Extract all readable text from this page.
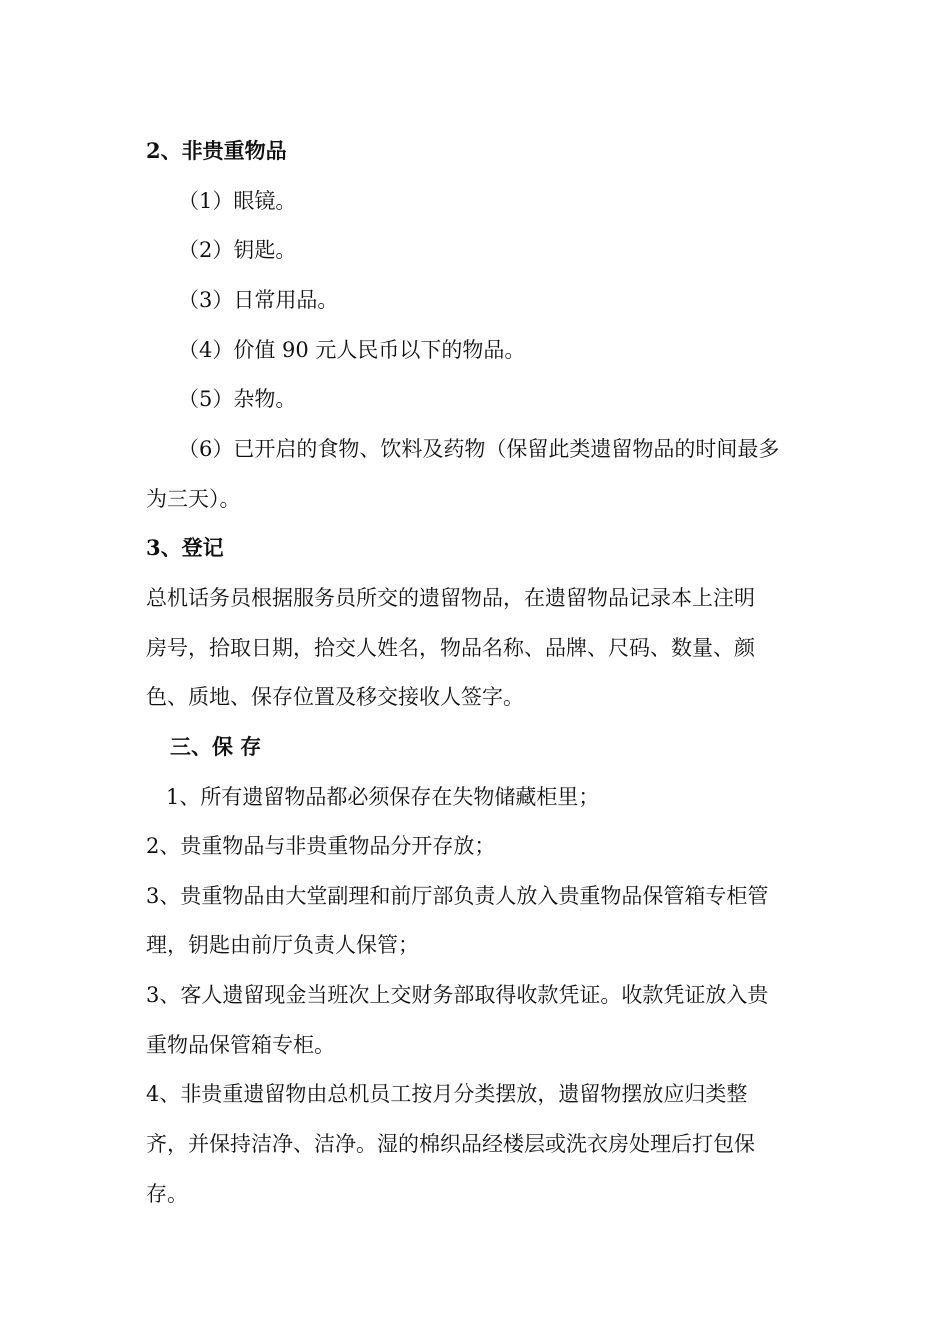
2、非贵重物品
（1）眼镜。
（2）钥匙。
（3）日常用品。
（4）价值 90 元人民币以下的物品。
（5）杂物。
（6）已开启的食物、饮料及药物（保留此类遗留物品的时间最多
为三天）。
3、登记
总机话务员根据服务员所交的遗留物品，在遗留物品记录本上注明
房号，拾取日期，拾交人姓名，物品名称、品牌、尺码、数量、颜
色、质地、保存位置及移交接收人签字。
三、保 存
1、所有遗留物品都必须保存在失物储藏柜里；
2、贵重物品与非贵重物品分开存放；
3、贵重物品由大堂副理和前厅部负责人放入贵重物品保管箱专柜管
理，钥匙由前厅负责人保管；
3、客人遗留现金当班次上交财务部取得收款凭证。收款凭证放入贵
重物品保管箱专柜。
4、非贵重遗留物由总机员工按月分类摆放，遗留物摆放应归类整
齐，并保持洁净、洁净。湿的棉织品经楼层或洗衣房处理后打包保
存。
